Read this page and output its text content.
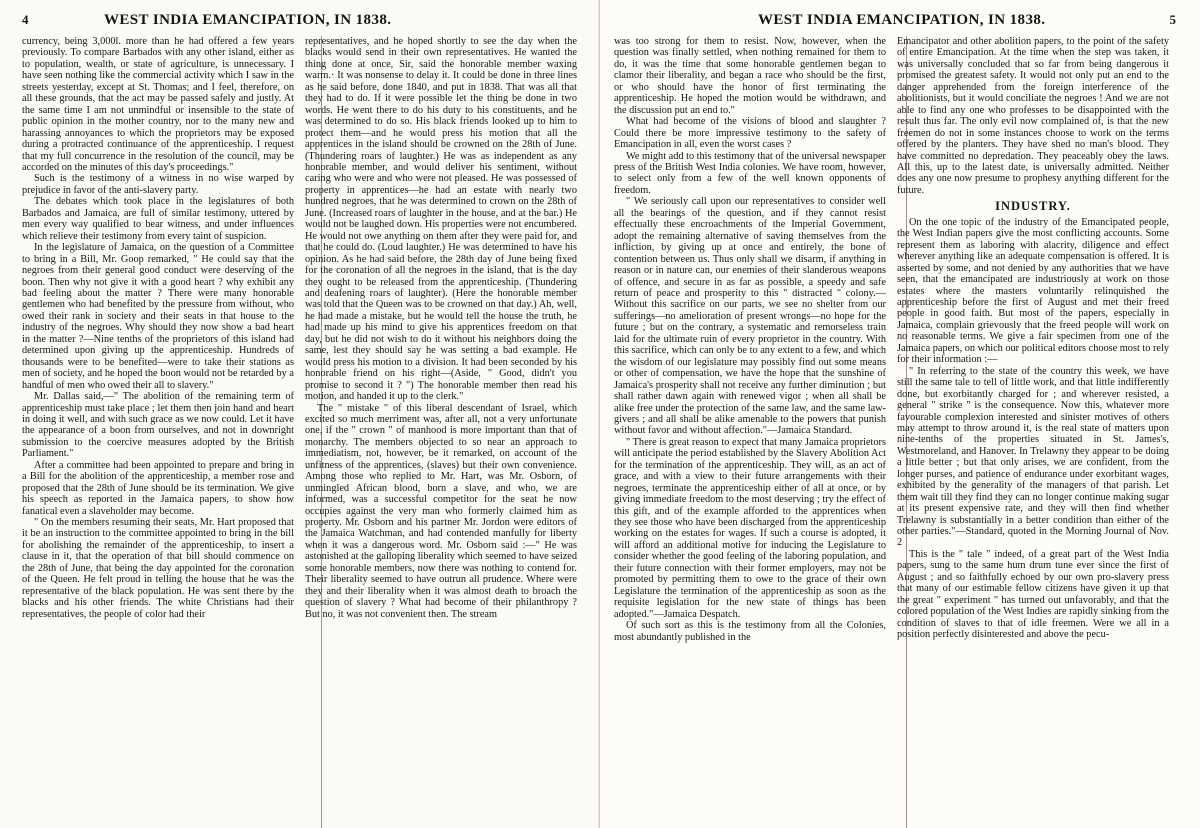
4	WEST INDIA EMANCIPATION, IN 1838.

currency, being 3,000l. more than he had offered a few years previously. To compare Barbados with any other island, either as to population, wealth, or state of agriculture, is unnecessary. I have seen nothing like the commercial activity which I saw in the streets yesterday, except at St. Thomas; and I feel, therefore, on all these grounds, that the act may be passed safely and justly. At the same time I am not unmindful or insensible to the state of public opinion in the mother country, nor to the many new and harassing annoyances to which the proprietors may be exposed during a protracted continuance of the apprenticeship. I request that my full concurrence in the resolution of the council, may be accorded on the minutes of this day's proceedings."

Such is the testimony of a witness in no wise warped by prejudice in favor of the anti-slavery party.

The debates which took place in the legislatures of both Barbados and Jamaica, are full of similar testimony, uttered by men every way qualified to bear witness, and under influences which relieve their testimony from every taint of suspicion.

In the legislature of Jamaica, on the question of a Committee to bring in a Bill, Mr. Goop remarked, " He could say that the negroes from their general good conduct were deserving of the boon. Then why not give it with a good heart ? why exhibit any bad feeling about the matter ? There were many honorable gentlemen who had benefited by the pressure from without, who owed their rank in society and their seats in that house to the industry of the negroes. Why should they now show a bad heart in the matter ?—Nine tenths of the proprietors of this island had determined upon giving up the apprenticeship. Hundreds of thousands were to be benefited—were to take their stations as men of society, and he hoped the boon would not be retarded by a handful of men who owed their all to slavery."

Mr. Dallas said,—" The abolition of the remaining term of apprenticeship must take place ; let them then join hand and heart in doing it well, and with such grace as we now could. Let it have the appearance of a boon from ourselves, and not in downright submission to the coercive measures adopted by the British Parliament."

After a committee had been appointed to prepare and bring in a Bill for the abolition of the apprenticeship, a member rose and proposed that the 28th of June should be its termination. We give his speech as reported in the Jamaica papers, to show how fanatical even a slaveholder may become.

" On the members resuming their seats, Mr. Hart proposed that it be an instruction to the committee appointed to bring in the bill for abolishing the remainder of the apprenticeship, to insert a clause in it, that the operation of that bill should commence on the 28th of June, that being the day appointed for the coronation of the Queen. He felt proud in telling the house that he was the representative of the black population. He was sent there by the blacks and his other friends. The white Christians had their representatives, the people of color had their

representatives, and he hoped shortly to see the day when the blacks would send in their own representatives. He wanted the thing done at once, Sir, said the honorable member waxing warm.· It was nonsense to delay it. It could be done in three lines as he said before, done 1840, and put in 1838. That was all that they had to do. If it were possible let the thing be done in two words. He went there to do his duty to his constituents, and he was determined to do so. His black friends looked up to him to protect them—and he would press his motion that all the apprentices in the island should be crowned on the 28th of June. (Thundering roars of laughter.) He was as independent as any honorable member, and would deliver his sentiment, without caring who were and who were not pleased. He was possessed of property in apprentices—he had an estate with nearly two hundred negroes, that he was determined to crown on the 28th of June. (Increased roars of laughter in the house, and at the bar.) He would not be laughed down. His properties were not encumbered. He would not owe anything on them after they were paid for, and that he could do. (Loud laughter.) He was determined to have his opinion. As he had said before, the 28th day of June being fixed for the coronation of all the negroes in the island, that is the day they ought to be released from the apprenticeship. (Thundering and deafening roars of laughter). (Here the honorable member was told that the Queen was to be crowned on that day.) Ah, well, he had made a mistake, but he would tell the house the truth, he had made up his mind to give his apprentices freedom on that day, but he did not wish to do it without his neighbors doing the same, lest they should say he was setting a bad example. He would press his motion to a division. It had been seconded by his honorable friend on his right—(Aside, " Good, didn't you promise to second it ? ") The honorable member then read his motion, and handed it up to the clerk."

The " mistake " of this liberal descendant of Israel, which excited so much merriment was, after all, not a very unfortunate one, if the " crown " of manhood is more important than that of monarchy. The members objected to so near an approach to immediatism, not, however, be it remarked, on account of the unfitness of the apprentices, (slaves) but their own convenience. Among those who replied to Mr. Hart, was Mr. Osborn, of unmingled African blood, born a slave, and who, we are informed, was a successful competitor for the seat he now occupies against the very man who formerly claimed him as property. Mr. Osborn and his partner Mr. Jordon were editors of the Jamaica Watchman, and had contended manfully for liberty when it was a dangerous word. Mr. Osborn said :—" He was astonished at the galloping liberality which seemed to have seized some honorable members, now there was nothing to contend for. Their liberality seemed to have outrun all prudence. Where were they and their liberality when it was almost death to broach the question of slavery ? What had become of their philanthropy ? But no, it was not convenient then. The stream

WEST INDIA EMANCIPATION, IN 1838.	5

was too strong for them to resist. Now, however, when the question was finally settled, when nothing remained for them to do, it was the time that some honorable gentlemen began to clamor their liberality, and began a race who should be the first, or who should have the honor of first terminating the apprenticeship. He hoped the motion would be withdrawn, and the discussion put an end to."

What had become of the visions of blood and slaughter ? Could there be more impressive testimony to the safety of Emancipation in all, even the worst cases ?

We might add to this testimony that of the universal newspaper press of the British West India colonies. We have room, however, to select only from a few of the well known opponents of freedom.

" We seriously call upon our representatives to consider well all the bearings of the question, and if they cannot resist effectually these encroachments of the Imperial Government, adopt the remaining alternative of saving themselves from the infliction, by giving up at once and entirely, the bone of contention between us. Thus only shall we disarm, if anything in reason or in nature can, our enemies of their slanderous weapons of offence, and secure in as far as possible, a speedy and safe return of peace and prosperity to this " distracted " colony.—Without this sacrifice on our parts, we see no shelter from our sufferings—no amelioration of present wrongs—no hope for the future ; but on the contrary, a systematic and remorseless train laid for the ultimate ruin of every proprietor in the country. With this sacrifice, which can only be to any extent to a few, and which the wisdom of our legislature may possibly find out some means or other of compensation, we have the hope that the sunshine of Jamaica's prosperity shall not receive any further diminution ; but shall rather dawn again with renewed vigor ; when all shall be alike free under the protection of the same law, and the same law-givers ; and all shall be alike amenable to the powers that punish without favor and without affection."—Jamaica Standard.

" There is great reason to expect that many Jamaica proprietors will anticipate the period established by the Slavery Abolition Act for the termination of the apprenticeship. They will, as an act of grace, and with a view to their future arrangements with their negroes, terminate the apprenticeship either of all at once, or by giving immediate freedom to the most deserving ; try the effect of this gift, and of the example afforded to the apprentices when they see those who have been discharged from the apprenticeship working on the estates for wages. If such a course is adopted, it will afford an additional motive for inducing the Legislature to consider whether the good feeling of the laboring population, and their future connection with their former employers, may not be promoted by permitting them to owe to the grace of their own Legislature the termination of the apprenticeship as soon as the requisite legislation for the new state of things has been adopted."—Jamaica Despatch.

Of such sort as this is the testimony from all the Colonies, most abundantly published in the

Emancipator and other abolition papers, to the point of the safety of entire Emancipation. At the time when the step was taken, it was universally concluded that so far from being dangerous it promised the greatest safety. It would not only put an end to the danger apprehended from the foreign interference of the abolitionists, but it would conciliate the negroes ! And we are not able to find any one who professes to be disappointed with the result thus far. The only evil now complained of, is that the new freemen do not in some instances choose to work on the terms offered by the planters. They have shed no man's blood. They have committed no depredation. They peaceably obey the laws. All this, up to the latest date, is universally admitted. Neither does any one now presume to prophesy anything different for the future.

INDUSTRY.

On the one topic of the industry of the Emancipated people, the West Indian papers give the most conflicting accounts. Some represent them as laboring with alacrity, diligence and effect wherever anything like an adequate compensation is offered. It is asserted by some, and not denied by any authorities that we have seen, that the emancipated are industriously at work on those estates where the masters voluntarily relinquished the apprenticeship before the first of August and met their freed people in good faith. But most of the papers, especially in Jamaica, complain grievously that the freed people will work on no reasonable terms. We give a fair specimen from one of the Jamaica papers, on which our political editors choose most to rely for their information :—

" In referring to the state of the country this week, we have still the same tale to tell of little work, and that little indifferently done, but exorbitantly charged for ; and wherever resisted, a general " strike " is the consequence. Now this, whatever more favourable complexion interested and sinister motives of others may attempt to throw around it, is the real state of matters upon nine-tenths of the properties situated in St. James's, Westmoreland, and Hanover. In Trelawny they appear to be doing a little better ; but that only arises, we are confident, from the longer purses, and patience of endurance under exorbitant wages, exhibited by the generality of the managers of that parish. Let them wait till they find they can no longer continue making sugar at its present expensive rate, and they will then find whether Trelawny is substantially in a better condition than either of the other parties."—Standard, quoted in the Morning Journal of Nov. 2

This is the " tale " indeed, of a great part of the West India papers, sung to the same hum drum tune ever since the first of August ; and so faithfully echoed by our own pro-slavery press that many of our estimable fellow citizens have given it up that the great " experiment " has turned out unfavorably, and that the colored population of the West Indies are rapidly sinking from the condition of slaves to that of idle freemen. Were we all in a position perfectly disinterested and above the pecu-
